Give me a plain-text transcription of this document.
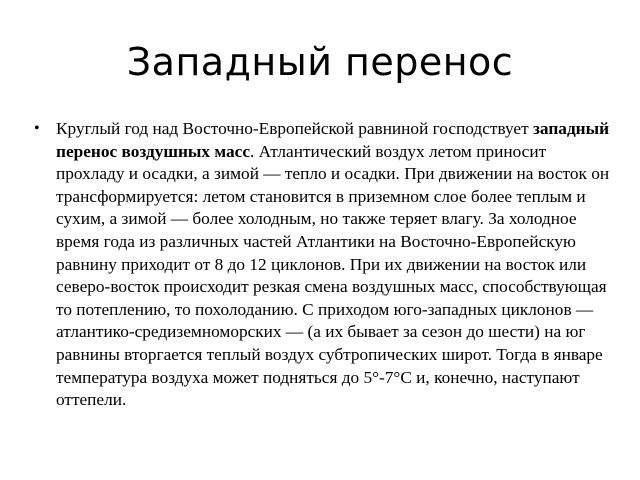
Западный перенос
• Круглый год над Восточно-Европейской равниной господствует западный перенос воздушных масс. Атлантический воздух летом приносит прохладу и осадки, а зимой — тепло и осадки. При движении на восток он трансформируется: летом становится в приземном слое более теплым и сухим, а зимой — более холодным, но также теряет влагу. За холодное время года из различных частей Атлантики на Восточно-Европейскую равнину приходит от 8 до 12 циклонов. При их движении на восток или северо-восток происходит резкая смена воздушных масс, способствующая то потеплению, то похолоданию. С приходом юго-западных циклонов — атлантико-средиземноморских — (а их бывает за сезон до шести) на юг равнины вторгается теплый воздух субтропических широт. Тогда в январе температура воздуха может подняться до 5°-7°С и, конечно, наступают оттепели.
